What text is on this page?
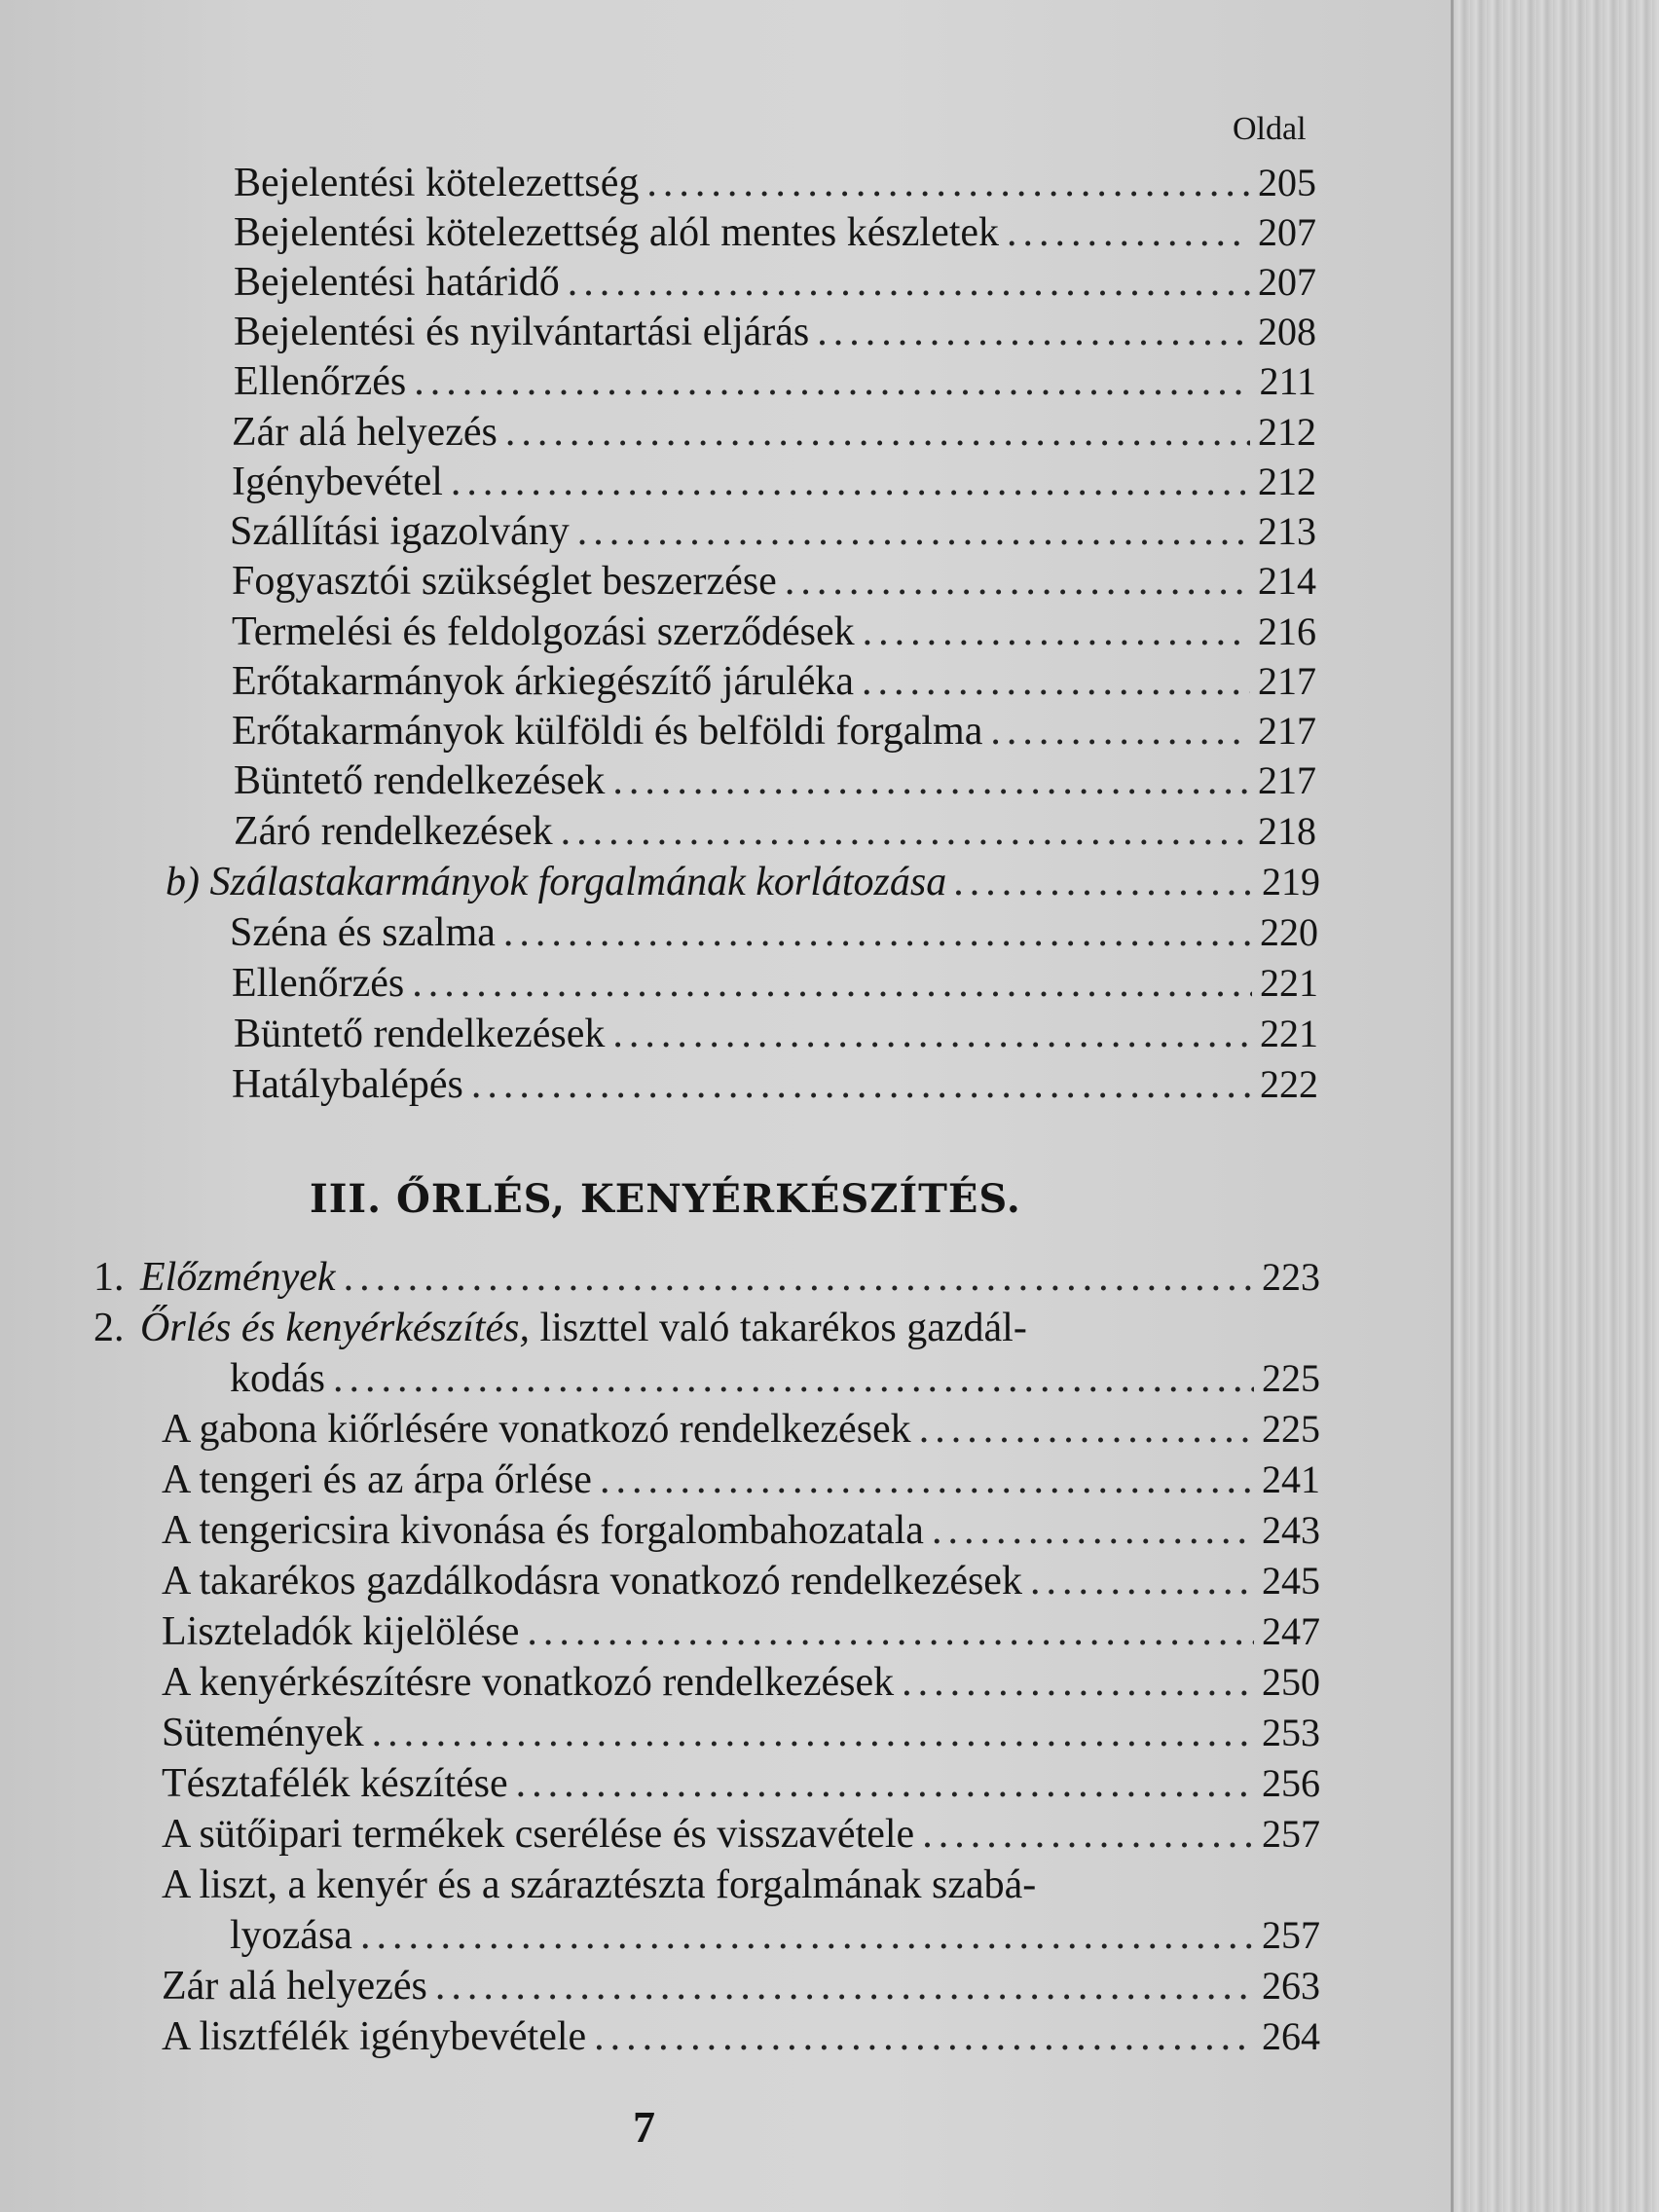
Oldal
Bejelentési kötelezettség .....	205
Bejelentési kötelezettség alól mentes készletek .....	207
Bejelentési határidő .....	207
Bejelentési és nyilvántartási eljárás .....	208
Ellenőrzés .....	211
Zár alá helyezés .....	212
Igénybevétel .....	212
Szállítási igazolvány .....	213
Fogyasztói szükséglet beszerzése .....	214
Termelési és feldolgozási szerződések .....	216
Erőtakarmányok árkiegészítő járuléka .....	217
Erőtakarmányok külföldi és belföldi forgalma .....	217
Büntető rendelkezések .....	217
Záró rendelkezések .....	218
b) Szálastakarmányok forgalmának korlátozása .....	219
Széna és szalma .....	220
Ellenőrzés .....	221
Büntető rendelkezések .....	221
Hatálybalépés .....	222
III. ŐRLÉS, KENYÉRKÉSZÍTÉS.
1. Előzmények .....	223
2. Őrlés és kenyérkészítés, liszttel való takarékos gazdál-
kodás .....	225
A gabona kiőrlésére vonatkozó rendelkezések .....	225
A tengeri és az árpa őrlése .....	241
A tengericsira kivonása és forgalombahozatala .....	243
A takarékos gazdálkodásra vonatkozó rendelkezések .....	245
Liszteladók kijelölése .....	247
A kenyérkészítésre vonatkozó rendelkezések .....	250
Sütemények .....	253
Tésztafélék készítése .....	256
A sütőipari termékek cserélése és visszavétele .....	257
A liszt, a kenyér és a száraztészta forgalmának szabá-
lyozása .....	257
Zár alá helyezés .....	263
A lisztfélék igénybevétele .....	264
7
